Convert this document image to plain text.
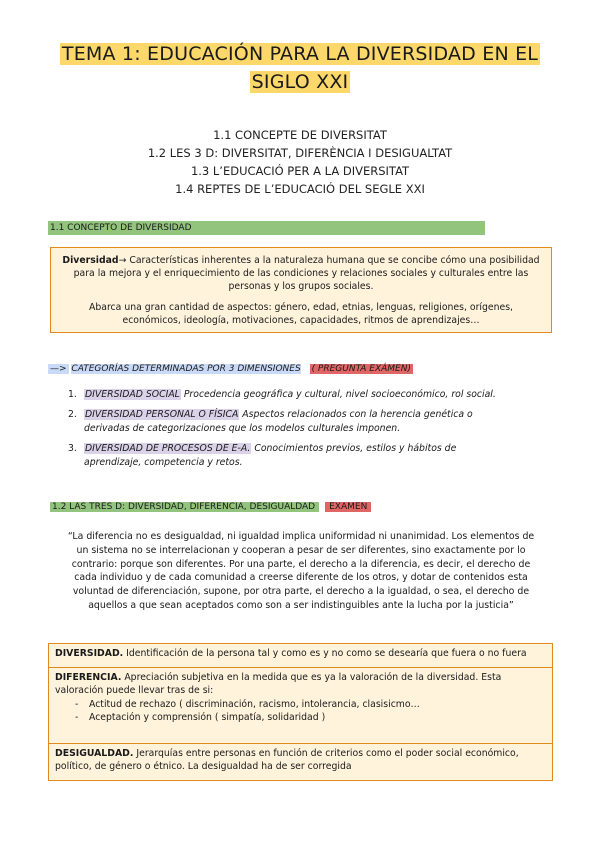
TEMA 1: EDUCACIÓN PARA LA DIVERSIDAD EN EL
SIGLO XXI
1.1 CONCEPTE DE DIVERSITAT
1.2 LES 3 D: DIVERSITAT, DIFERÈNCIA I DESIGUALTAT
1.3 L’EDUCACIÓ PER A LA DIVERSITAT
1.4 REPTES DE L’EDUCACIÓ DEL SEGLE XXI
1.1 CONCEPTO DE DIVERSIDAD

Diversidad→ Características inherentes a la naturaleza humana que se concibe cómo una posibilidad para la mejora y el enriquecimiento de las condiciones y relaciones sociales y culturales entre las personas y los grupos sociales.

Abarca una gran cantidad de aspectos: género, edad, etnias, lenguas, religiones, orígenes, económicos, ideología, motivaciones, capacidades, ritmos de aprendizajes…

—> CATEGORÍAS DETERMINADAS POR 3 DIMENSIONES ( PREGUNTA EXÁMEN)
1. DIVERSIDAD SOCIAL Procedencia geográfica y cultural, nivel socioeconómico, rol social.
2. DIVERSIDAD PERSONAL O FÍSICA Aspectos relacionados con la herencia genética o derivadas de categorizaciones que los modelos culturales imponen.
3. DIVERSIDAD DE PROCESOS DE E-A. Conocimientos previos, estilos y hábitos de aprendizaje, competencia y retos.
1.2 LAS TRES D: DIVERSIDAD, DIFERENCIA, DESIGUALDAD EXAMEN
“La diferencia no es desigualdad, ni igualdad implica uniformidad ni unanimidad. Los elementos de un sistema no se interrelacionan y cooperan a pesar de ser diferentes, sino exactamente por lo contrario: porque son diferentes. Por una parte, el derecho a la diferencia, es decir, el derecho de cada individuo y de cada comunidad a creerse diferente de los otros, y dotar de contenidos esta voluntad de diferenciación, supone, por otra parte, el derecho a la igualdad, o sea, el derecho de aquellos a que sean aceptados como son a ser indistinguibles ante la lucha por la justicia”
DIVERSIDAD. Identificación de la persona tal y como es y no como se desearía que fuera o no fuera
DIFERENCIA. Apreciación subjetiva en la medida que es ya la valoración de la diversidad. Esta valoración puede llevar tras de si:
- Actitud de rechazo ( discriminación, racismo, intolerancia, clasisicmo…
- Aceptación y comprensión ( simpatía, solidaridad )
DESIGUALDAD. Jerarquías entre personas en función de criterios como el poder social económico, político, de género o étnico. La desigualdad ha de ser corregida
